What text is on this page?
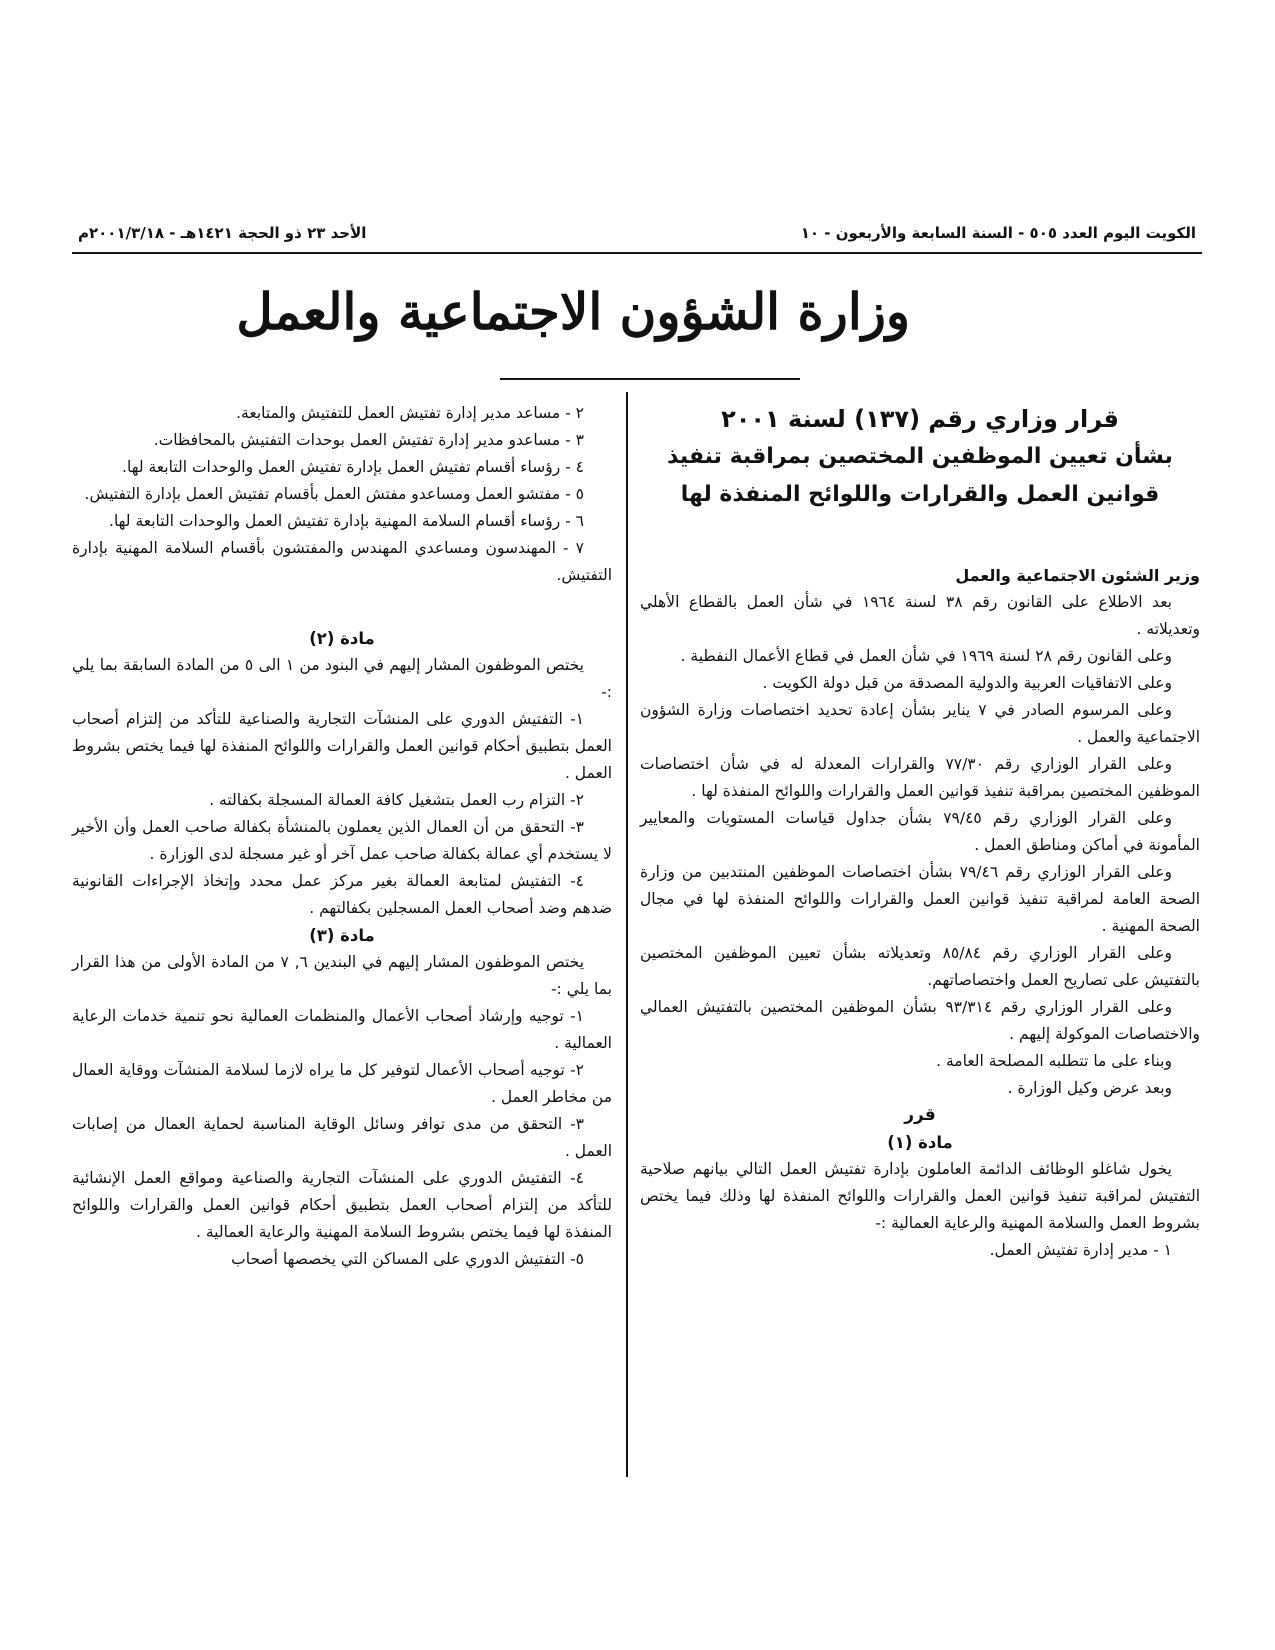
الكويت اليوم العدد ٥٠٥ - السنة السابعة والأربعون - ١٠
الأحد ٢٣ ذو الحجة ١٤٢١هـ - ٢٠٠١/٣/١٨م
وزارة الشؤون الاجتماعية والعمل

قرار وزاري رقم (١٣٧) لسنة ٢٠٠١

بشأن تعيين الموظفين المختصين بمراقبة تنفيذ

قوانين العمل والقرارات واللوائح المنفذة لها

وزير الشئون الاجتماعية والعمل

بعد الاطلاع على القانون رقم ٣٨ لسنة ١٩٦٤ في شأن العمل بالقطاع الأهلي وتعديلاته .

وعلى القانون رقم ٢٨ لسنة ١٩٦٩ في شأن العمل في قطاع الأعمال النفطية .

وعلى الاتفاقيات العربية والدولية المصدقة من قبل دولة الكويت .

وعلى المرسوم الصادر في ٧ يناير بشأن إعادة تحديد اختصاصات وزارة الشؤون الاجتماعية والعمل .

وعلى القرار الوزاري رقم ٧٧/٣٠ والقرارات المعدلة له في شأن اختصاصات الموظفين المختصين بمراقبة تنفيذ قوانين العمل والقرارات واللوائح المنفذة لها .

وعلى القرار الوزاري رقم ٧٩/٤٥ بشأن جداول قياسات المستويات والمعايير المأمونة في أماكن ومناطق العمل .

وعلى القرار الوزاري رقم ٧٩/٤٦ بشأن اختصاصات الموظفين المنتدبين من وزارة الصحة العامة لمراقبة تنفيذ قوانين العمل والقرارات واللوائح المنفذة لها في مجال الصحة المهنية .

وعلى القرار الوزاري رقم ٨٥/٨٤ وتعديلاته بشأن تعيين الموظفين المختصين بالتفتيش على تصاريح العمل واختصاصاتهم.

وعلى القرار الوزاري رقم ٩٣/٣١٤ بشأن الموظفين المختصين بالتفتيش العمالي والاختصاصات الموكولة إليهم .

وبناء على ما تتطلبه المصلحة العامة .

وبعد عرض وكيل الوزارة .

قرر

مادة (١)

يخول شاغلو الوظائف الدائمة العاملون بإدارة تفتيش العمل التالي بيانهم صلاحية التفتيش لمراقبة تنفيذ قوانين العمل والقرارات واللوائح المنفذة لها وذلك فيما يختص بشروط العمل والسلامة المهنية والرعاية العمالية :-

١ - مدير إدارة تفتيش العمل.

٢ - مساعد مدير إدارة تفتيش العمل للتفتيش والمتابعة.

٣ - مساعدو مدير إدارة تفتيش العمل بوحدات التفتيش بالمحافظات.

٤ - رؤساء أقسام تفتيش العمل بإدارة تفتيش العمل والوحدات التابعة لها.

٥ - مفتشو العمل ومساعدو مفتش العمل بأقسام تفتيش العمل بإدارة التفتيش.

٦ - رؤساء أقسام السلامة المهنية بإدارة تفتيش العمل والوحدات التابعة لها.

٧ - المهندسون ومساعدي المهندس والمفتشون بأقسام السلامة المهنية بإدارة التفتيش.

مادة (٢)

يختص الموظفون المشار إليهم في البنود من ١ الى ٥ من المادة السابقة بما يلي :-

١- التفتيش الدوري على المنشآت التجارية والصناعية للتأكد من إلتزام أصحاب العمل بتطبيق أحكام قوانين العمل والقرارات واللوائح المنفذة لها فيما يختص بشروط العمل .

٢- التزام رب العمل بتشغيل كافة العمالة المسجلة بكفالته .

٣- التحقق من أن العمال الذين يعملون بالمنشأة بكفالة صاحب العمل وأن الأخير لا يستخدم أي عمالة بكفالة صاحب عمل آخر أو غير مسجلة لدى الوزارة .

٤- التفتيش لمتابعة العمالة بغير مركز عمل محدد وإتخاذ الإجراءات القانونية ضدهم وضد أصحاب العمل المسجلين بكفالتهم .

مادة (٣)

يختص الموظفون المشار إليهم في البندين ٦, ٧ من المادة الأولى من هذا القرار بما يلي :-

١- توجيه وإرشاد أصحاب الأعمال والمنظمات العمالية نحو تنمية خدمات الرعاية العمالية .

٢- توجيه أصحاب الأعمال لتوفير كل ما يراه لازما لسلامة المنشآت ووقاية العمال من مخاطر العمل .

٣- التحقق من مدى توافر وسائل الوقاية المناسبة لحماية العمال من إصابات العمل .

٤- التفتيش الدوري على المنشآت التجارية والصناعية ومواقع العمل الإنشائية للتأكد من إلتزام أصحاب العمل بتطبيق أحكام قوانين العمل والقرارات واللوائح المنفذة لها فيما يختص بشروط السلامة المهنية والرعاية العمالية .

٥- التفتيش الدوري على المساكن التي يخصصها أصحاب
